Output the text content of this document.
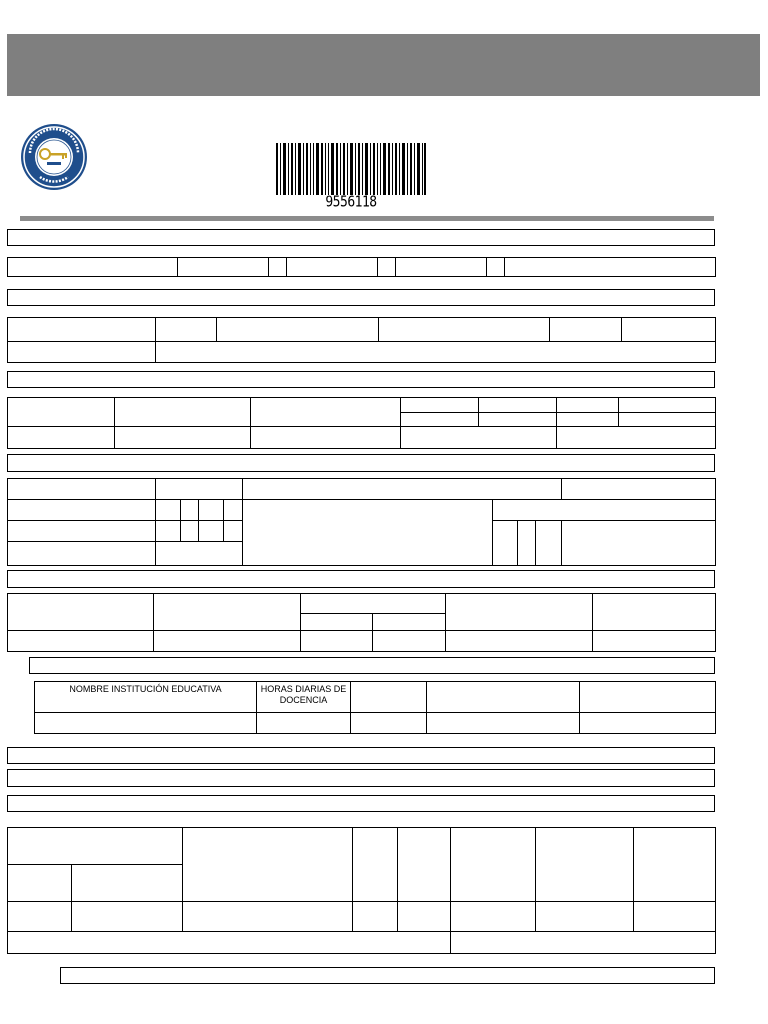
9556118

NOMBRE INSTITUCIÓN EDUCATIVA	HORAS DIARIAS DE DOCENCIA			
